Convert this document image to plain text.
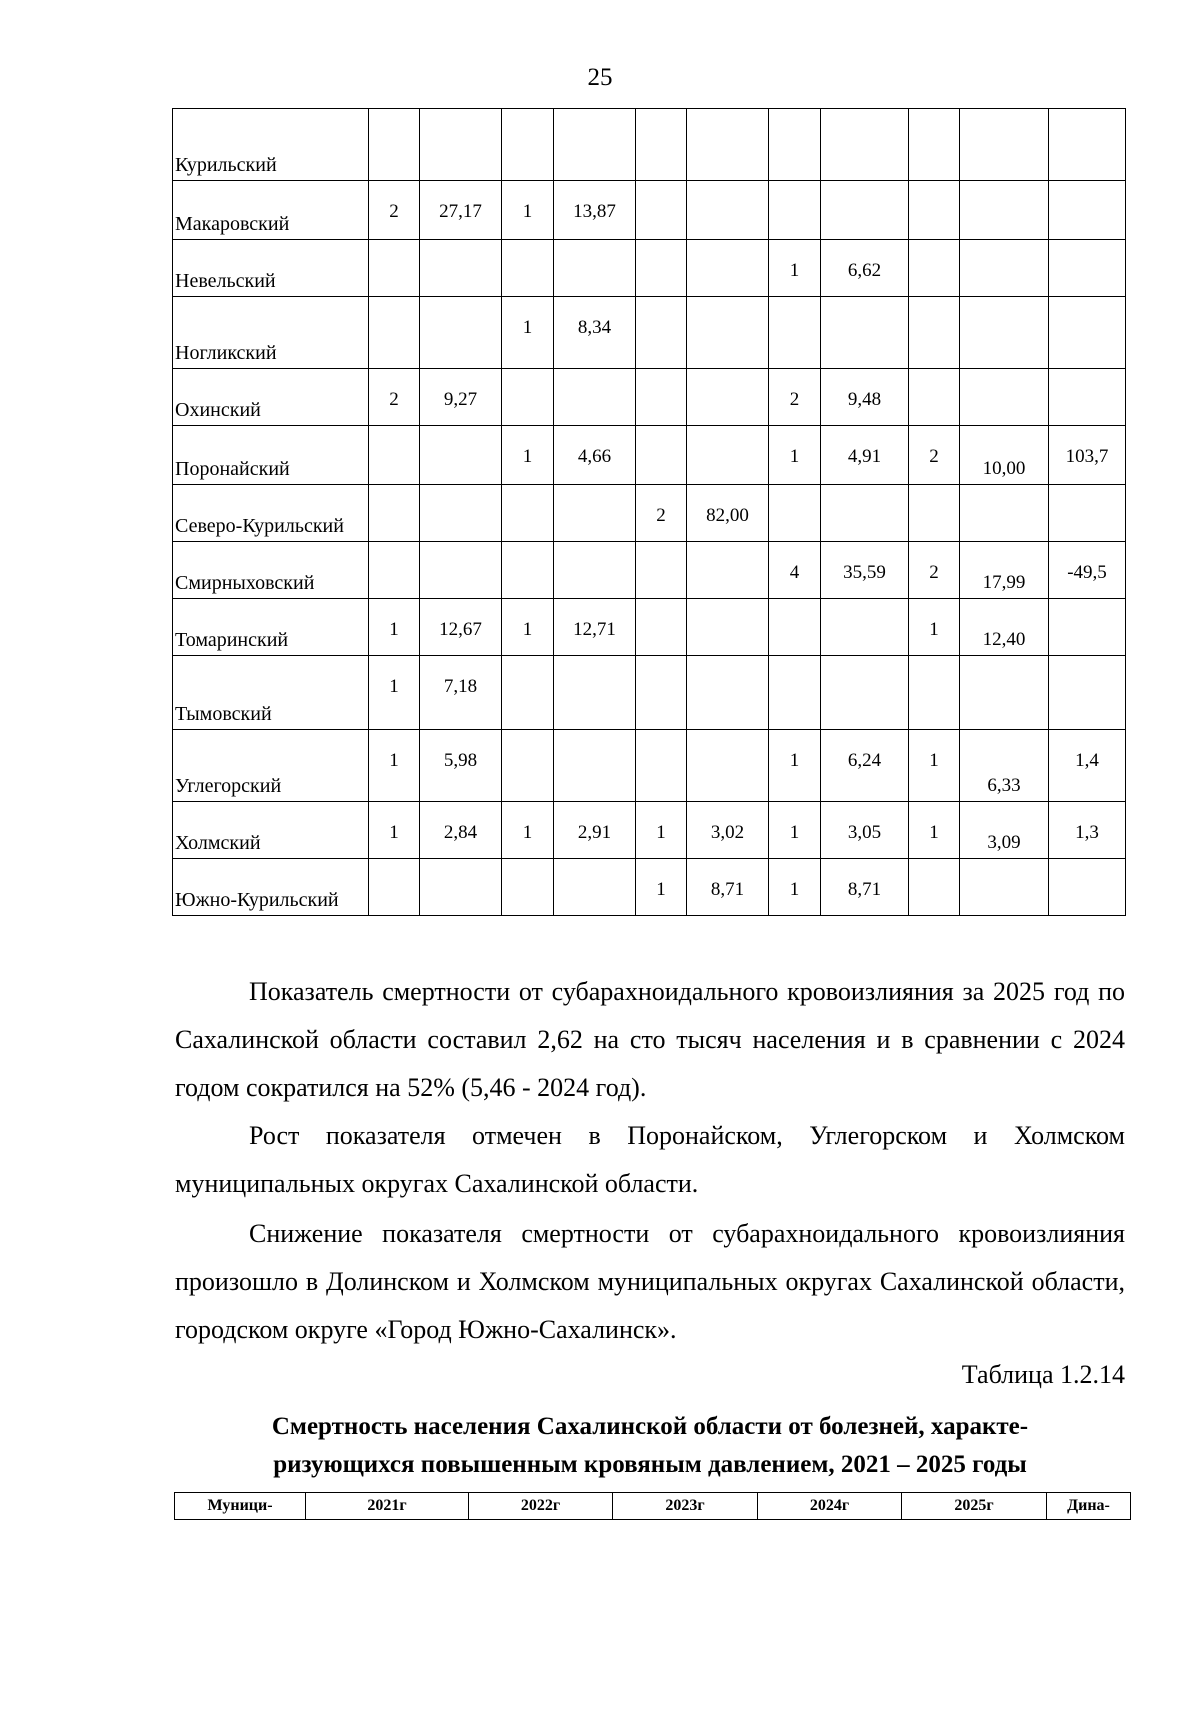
25
Курильский											
Макаровский	2	27,17	1	13,87							
Невельский							1	6,62			
Ногликский			1	8,34							
Охинский	2	9,27					2	9,48			
Поронайский			1	4,66			1	4,91	2	10,00	103,7
Северо-Курильский					2	82,00					
Смирныховский							4	35,59	2	17,99	-49,5
Томаринский	1	12,67	1	12,71					1	12,40	
Тымовский	1	7,18									
Углегорский	1	5,98					1	6,24	1	6,33	1,4
Холмский	1	2,84	1	2,91	1	3,02	1	3,05	1	3,09	1,3
Южно-Курильский					1	8,71	1	8,71			

Показатель смертности от субарахноидального кровоизлияния за 2025 год по Сахалинской области составил 2,62 на сто тысяч населения и в сравнении с 2024 годом сократился на 52% (5,46 - 2024 год).

Рост показателя отмечен в Поронайском, Углегорском и Холмском муниципальных округах Сахалинской области.

Снижение показателя смертности от субарахноидального кровоизлияния произошло в Долинском и Холмском муниципальных округах Сахалинской области, городском округе «Город Южно-Сахалинск».

Таблица 1.2.14
Смертность населения Сахалинской области от болезней, характе-
ризующихся повышенным кровяным давлением, 2021 – 2025 годы
Муници-	2021г	2022г	2023г	2024г	2025г	Дина-
